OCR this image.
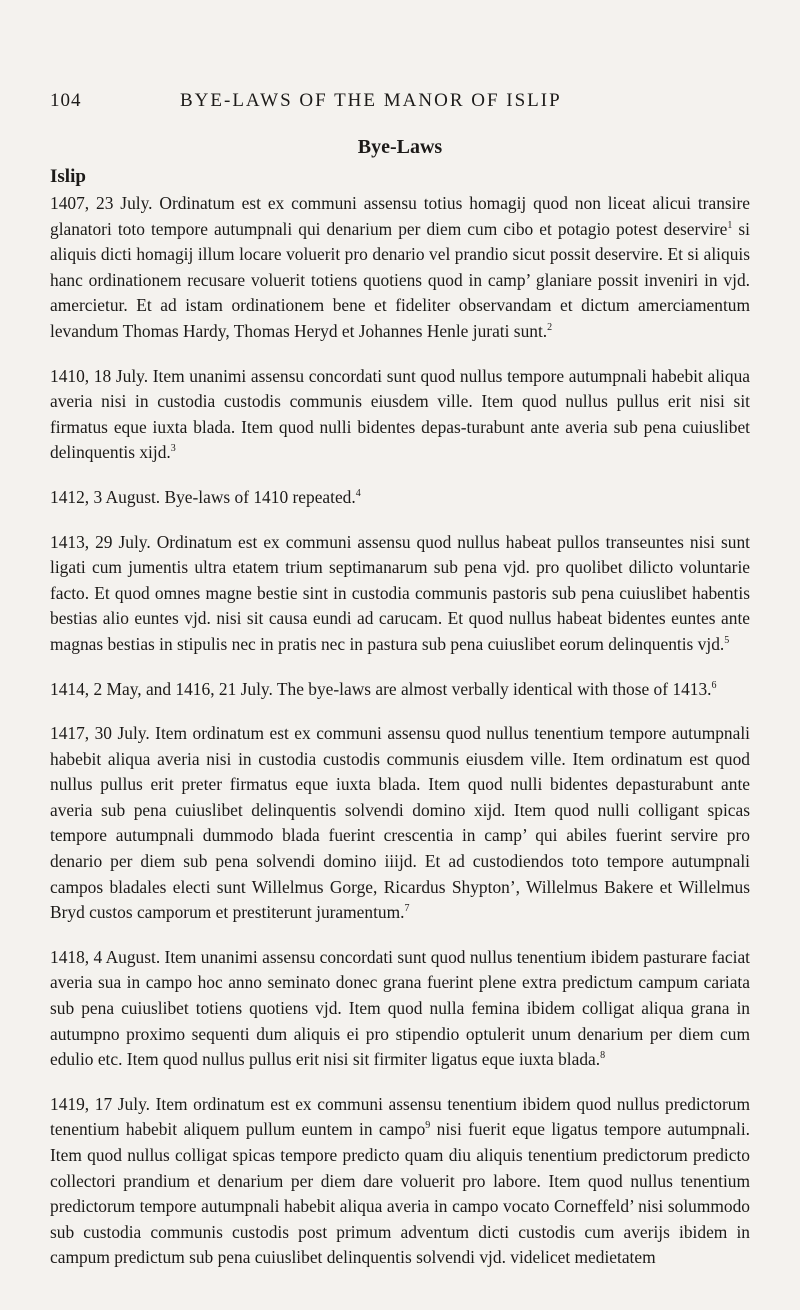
104	BYE-LAWS OF THE MANOR OF ISLIP
Bye-Laws
Islip

1407, 23 July. Ordinatum est ex communi assensu totius homagij quod non liceat alicui transire glanatori toto tempore autumpnali qui denarium per diem cum cibo et potagio potest deservire$^1$ si aliquis dicti homagij illum locare voluerit pro denario vel prandio sicut possit deservire. Et si aliquis hanc ordinationem recusare voluerit totiens quotiens quod in camp’ glaniare possit inveniri in vjd. amercietur. Et ad istam ordinationem bene et fideliter observandam et dictum amerciamentum levandum Thomas Hardy, Thomas Heryd et Johannes Henle jurati sunt.$^2$

1410, 18 July. Item unanimi assensu concordati sunt quod nullus tempore autumpnali habebit aliqua averia nisi in custodia custodis communis eiusdem ville. Item quod nullus pullus erit nisi sit firmatus eque iuxta blada. Item quod nulli bidentes depas-turabunt ante averia sub pena cuiuslibet delinquentis xijd.$^3$

1412, 3 August. Bye-laws of 1410 repeated.$^4$

1413, 29 July. Ordinatum est ex communi assensu quod nullus habeat pullos transeuntes nisi sunt ligati cum jumentis ultra etatem trium septimanarum sub pena vjd. pro quolibet dilicto voluntarie facto. Et quod omnes magne bestie sint in custodia communis pastoris sub pena cuiuslibet habentis bestias alio euntes vjd. nisi sit causa eundi ad carucam. Et quod nullus habeat bidentes euntes ante magnas bestias in stipulis nec in pratis nec in pastura sub pena cuiuslibet eorum delinquentis vjd.$^5$

1414, 2 May, and 1416, 21 July. The bye-laws are almost verbally identical with those of 1413.$^6$

1417, 30 July. Item ordinatum est ex communi assensu quod nullus tenentium tempore autumpnali habebit aliqua averia nisi in custodia custodis communis eiusdem ville. Item ordinatum est quod nullus pullus erit preter firmatus eque iuxta blada. Item quod nulli bidentes depasturabunt ante averia sub pena cuiuslibet delinquentis solvendi domino xijd. Item quod nulli colligant spicas tempore autumpnali dummodo blada fuerint crescentia in camp’ qui abiles fuerint servire pro denario per diem sub pena solvendi domino iiijd. Et ad custodiendos toto tempore autumpnali campos bladales electi sunt Willelmus Gorge, Ricardus Shypton’, Willelmus Bakere et Willelmus Bryd custos camporum et prestiterunt juramentum.$^7$

1418, 4 August. Item unanimi assensu concordati sunt quod nullus tenentium ibidem pasturare faciat averia sua in campo hoc anno seminato donec grana fuerint plene extra predictum campum cariata sub pena cuiuslibet totiens quotiens vjd. Item quod nulla femina ibidem colligat aliqua grana in autumpno proximo sequenti dum aliquis ei pro stipendio optulerit unum denarium per diem cum edulio etc. Item quod nullus pullus erit nisi sit firmiter ligatus eque iuxta blada.$^8$

1419, 17 July. Item ordinatum est ex communi assensu tenentium ibidem quod nullus predictorum tenentium habebit aliquem pullum euntem in campo$^9$ nisi fuerit eque ligatus tempore autumpnali. Item quod nullus colligat spicas tempore predicto quam diu aliquis tenentium predictorum predicto collectori prandium et denarium per diem dare voluerit pro labore. Item quod nullus tenentium predictorum tempore autumpnali habebit aliqua averia in campo vocato Corneffeld’ nisi solummodo sub custodia communis custodis post primum adventum dicti custodis cum averijs ibidem in campum predictum sub pena cuiuslibet delinquentis solvendi vjd. videlicet medietatem
